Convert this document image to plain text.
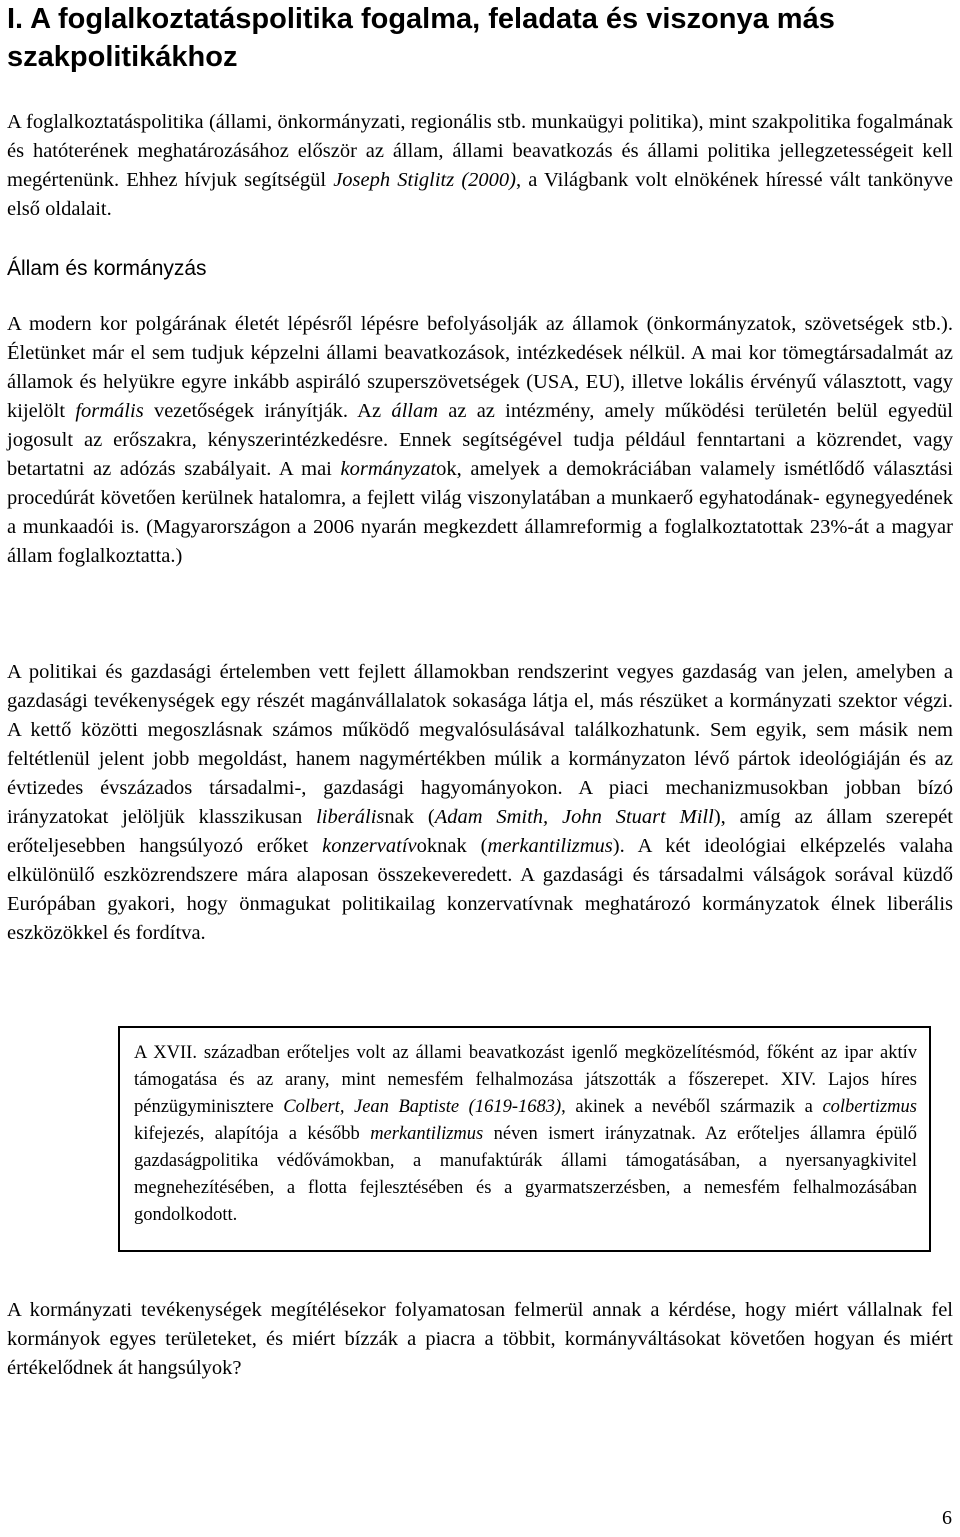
I. A foglalkoztatáspolitika fogalma, feladata és viszonya más szakpolitikákhoz
A foglalkoztatáspolitika (állami, önkormányzati, regionális stb. munkaügyi politika), mint szakpolitika fogalmának és hatóterének meghatározásához először az állam, állami beavatkozás és állami politika jellegzetességeit kell megértenünk. Ehhez hívjuk segítségül Joseph Stiglitz (2000), a Világbank volt elnökének híressé vált tankönyve első oldalait.
Állam és kormányzás
A modern kor polgárának életét lépésről lépésre befolyásolják az államok (önkormányzatok, szövetségek stb.). Életünket már el sem tudjuk képzelni állami beavatkozások, intézkedések nélkül. A mai kor tömegtársadalmát az államok és helyükre egyre inkább aspiráló szuperszövetségek (USA, EU), illetve lokális érvényű választott, vagy kijelölt formális vezetőségek irányítják. Az állam az az intézmény, amely működési területén belül egyedül jogosult az erőszakra, kényszerintézkedésre. Ennek segítségével tudja például fenntartani a közrendet, vagy betartatni az adózás szabályait. A mai kormányzatok, amelyek a demokráciában valamely ismétlődő választási procedúrát követően kerülnek hatalomra, a fejlett világ viszonylatában a munkaerő egyhatodának- egynegyedének a munkaadói is. (Magyarországon a 2006 nyarán megkezdett államreformig a foglalkoztatottak 23%-át a magyar állam foglalkoztatta.)
A politikai és gazdasági értelemben vett fejlett államokban rendszerint vegyes gazdaság van jelen, amelyben a gazdasági tevékenységek egy részét magánvállalatok sokasága látja el, más részüket a kormányzati szektor végzi. A kettő közötti megoszlásnak számos működő megvalósulásával találkozhatunk. Sem egyik, sem másik nem feltétlenül jelent jobb megoldást, hanem nagymértékben múlik a kormányzaton lévő pártok ideológiáján és az évtizedes évszázados társadalmi-, gazdasági hagyományokon. A piaci mechanizmusokban jobban bízó irányzatokat jelöljük klasszikusan liberálisnak (Adam Smith, John Stuart Mill), amíg az állam szerepét erőteljesebben hangsúlyozó erőket konzervatívoknak (merkantilizmus). A két ideológiai elképzelés valaha elkülönülő eszközrendszere mára alaposan összekeveredett. A gazdasági és társadalmi válságok sorával küzdő Európában gyakori, hogy önmagukat politikailag konzervatívnak meghatározó kormányzatok élnek liberális eszközökkel és fordítva.
A XVII. században erőteljes volt az állami beavatkozást igenlő megközelítésmód, főként az ipar aktív támogatása és az arany, mint nemesfém felhalmozása játszották a főszerepet. XIV. Lajos híres pénzügyminisztere Colbert, Jean Baptiste (1619-1683), akinek a nevéből származik a colbertizmus kifejezés, alapítója a később merkantilizmus néven ismert irányzatnak. Az erőteljes államra épülő gazdaságpolitika védővámokban, a manufaktúrák állami támogatásában, a nyersanyagkivitel megnehezítésében, a flotta fejlesztésében és a gyarmatszerzésben, a nemesfém felhalmozásában gondolkodott.
A kormányzati tevékenységek megítélésekor folyamatosan felmerül annak a kérdése, hogy miért vállalnak fel kormányok egyes területeket, és miért bízzák a piacra a többit, kormányváltásokat követően hogyan és miért értékelődnek át hangsúlyok?
6
